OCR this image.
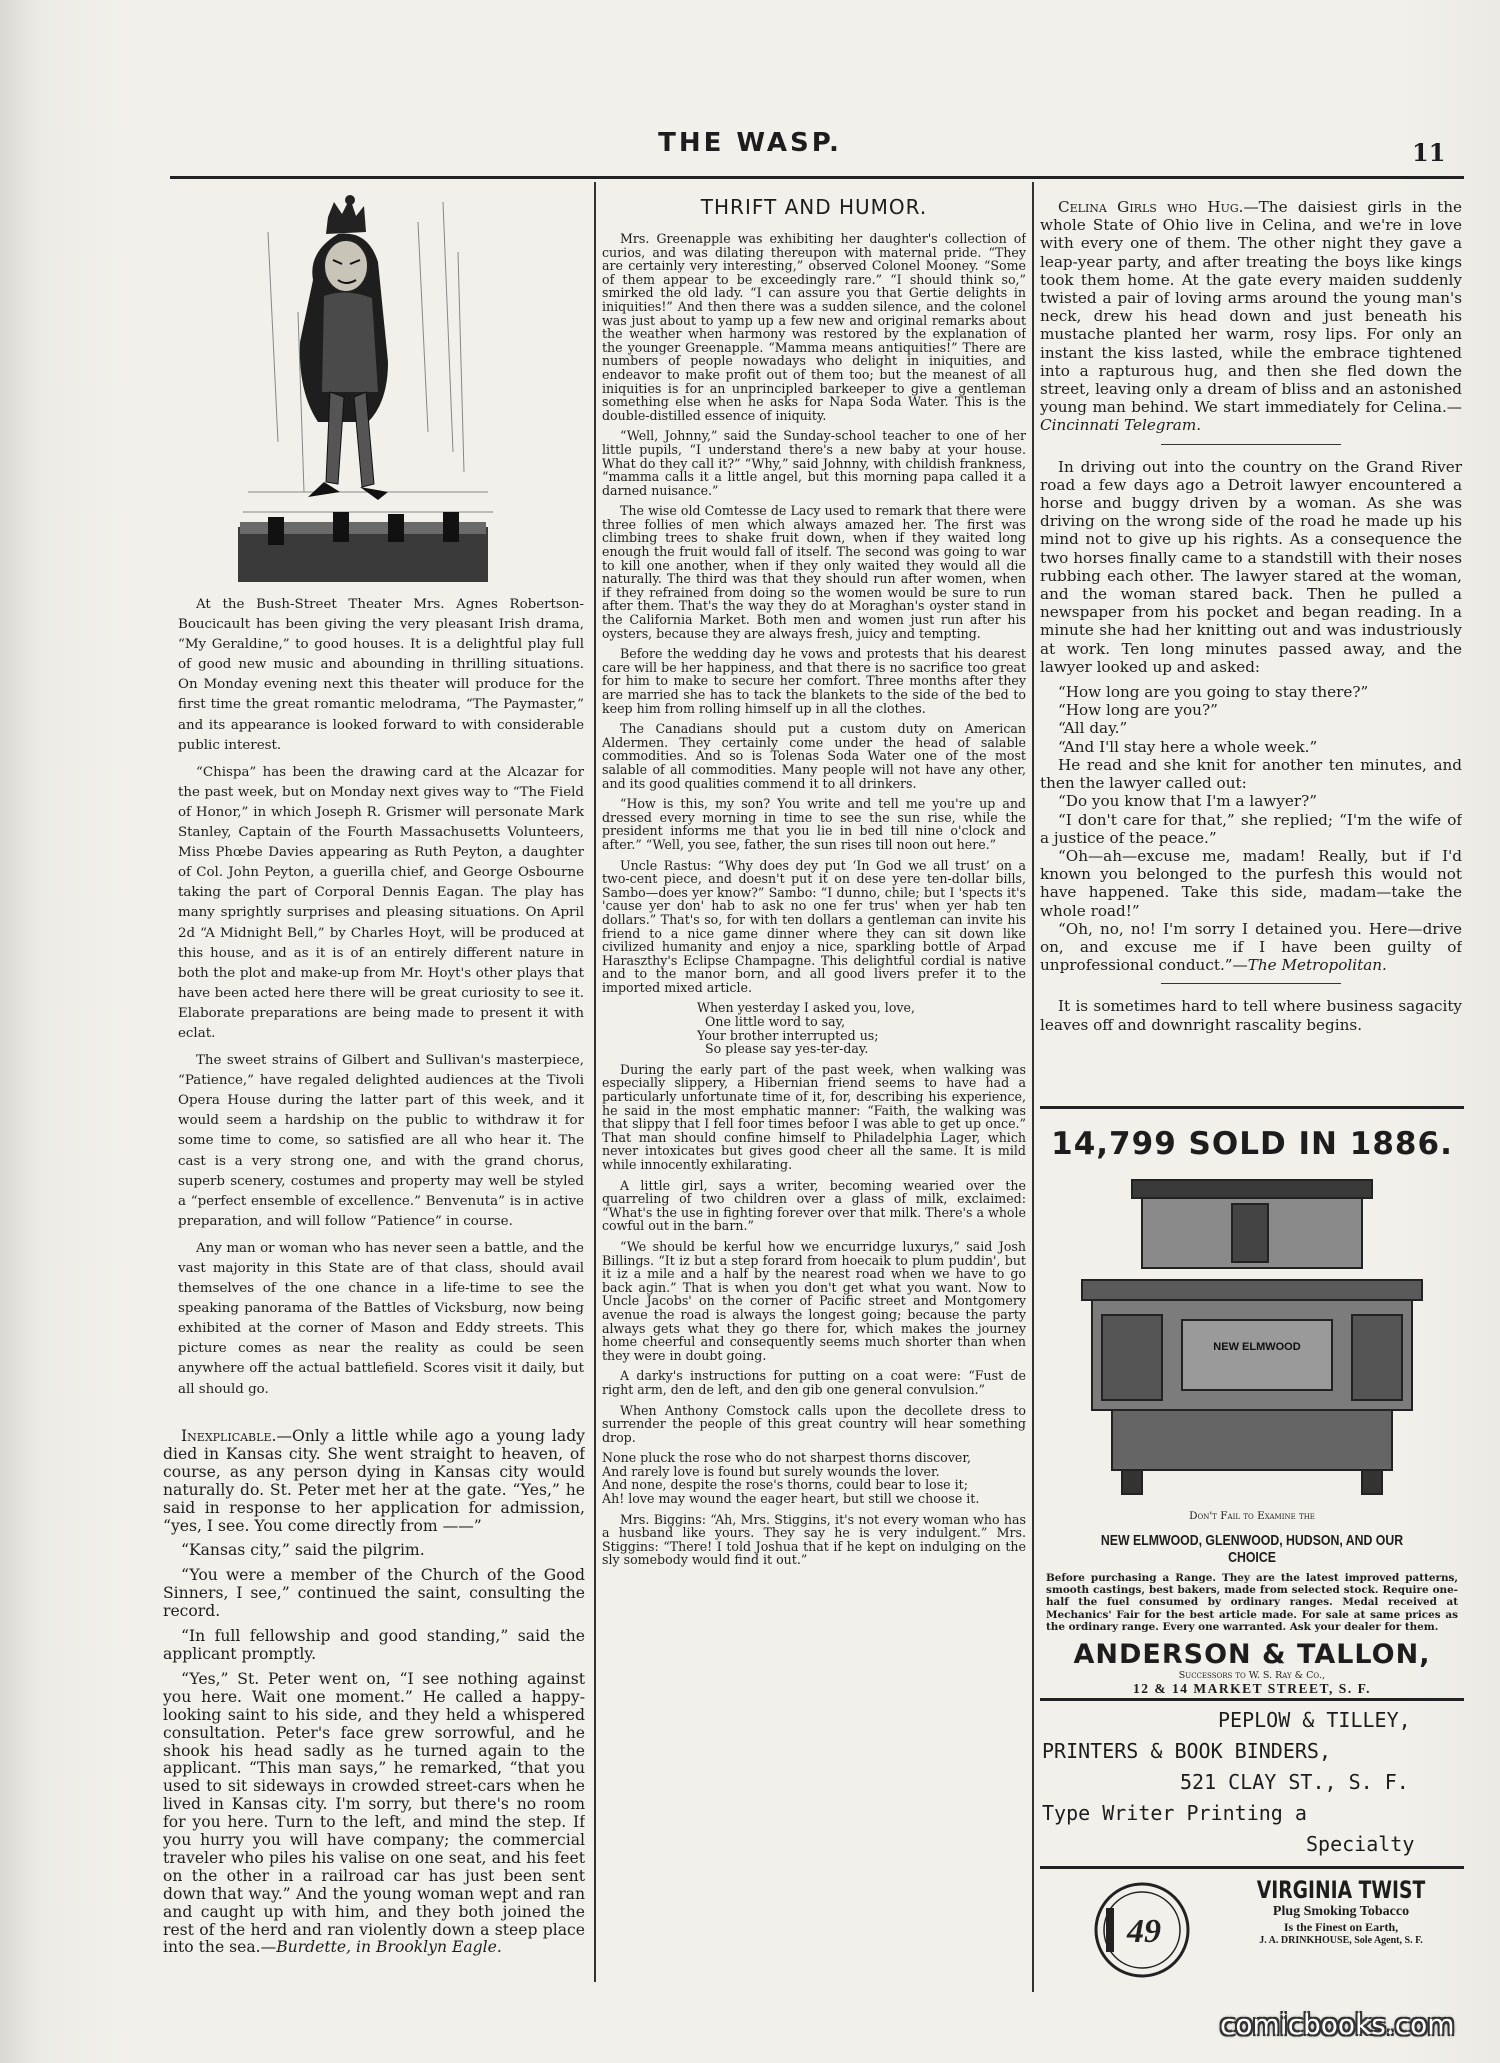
THE WASP.	11

At the Bush-Street Theater Mrs. Agnes Robertson-Boucicault has been giving the very pleasant Irish drama, “My Geraldine,” to good houses. It is a delightful play full of good new music and abounding in thrilling situations. On Monday evening next this theater will produce for the first time the great romantic melodrama, “The Paymaster,” and its appearance is looked forward to with considerable public interest.

“Chispa” has been the drawing card at the Alcazar for the past week, but on Monday next gives way to “The Field of Honor,” in which Joseph R. Grismer will personate Mark Stanley, Captain of the Fourth Massachusetts Volunteers, Miss Phœbe Davies appearing as Ruth Peyton, a daughter of Col. John Peyton, a guerilla chief, and George Osbourne taking the part of Corporal Dennis Eagan. The play has many sprightly surprises and pleasing situations. On April 2d “A Midnight Bell,” by Charles Hoyt, will be produced at this house, and as it is of an entirely different nature in both the plot and make-up from Mr. Hoyt's other plays that have been acted here there will be great curiosity to see it. Elaborate preparations are being made to present it with eclat.

The sweet strains of Gilbert and Sullivan's masterpiece, “Patience,” have regaled delighted audiences at the Tivoli Opera House during the latter part of this week, and it would seem a hardship on the public to withdraw it for some time to come, so satisfied are all who hear it. The cast is a very strong one, and with the grand chorus, superb scenery, costumes and property may well be styled a “perfect ensemble of excellence.” Benvenuta” is in active preparation, and will follow “Patience” in course.

Any man or woman who has never seen a battle, and the vast majority in this State are of that class, should avail themselves of the one chance in a life-time to see the speaking panorama of the Battles of Vicksburg, now being exhibited at the corner of Mason and Eddy streets. This picture comes as near the reality as could be seen anywhere off the actual battlefield. Scores visit it daily, but all should go.

Inexplicable.—Only a little while ago a young lady died in Kansas city. She went straight to heaven, of course, as any person dying in Kansas city would naturally do. St. Peter met her at the gate. “Yes,” he said in response to her application for admission, “yes, I see. You come directly from ——”

“Kansas city,” said the pilgrim.

“You were a member of the Church of the Good Sinners, I see,” continued the saint, consulting the record.

“In full fellowship and good standing,” said the applicant promptly.

“Yes,” St. Peter went on, “I see nothing against you here. Wait one moment.” He called a happy-looking saint to his side, and they held a whispered consultation. Peter's face grew sorrowful, and he shook his head sadly as he turned again to the applicant. “This man says,” he remarked, “that you used to sit sideways in crowded street-cars when he lived in Kansas city. I'm sorry, but there's no room for you here. Turn to the left, and mind the step. If you hurry you will have company; the commercial traveler who piles his valise on one seat, and his feet on the other in a railroad car has just been sent down that way.” And the young woman wept and ran and caught up with him, and they both joined the rest of the herd and ran violently down a steep place into the sea.—Burdette, in Brooklyn Eagle.

THRIFT AND HUMOR.

Mrs. Greenapple was exhibiting her daughter's collection of curios, and was dilating thereupon with maternal pride. “They are certainly very interesting,” observed Colonel Mooney. “Some of them appear to be exceedingly rare.” “I should think so,” smirked the old lady. “I can assure you that Gertie delights in iniquities!” And then there was a sudden silence, and the colonel was just about to yamp up a few new and original remarks about the weather when harmony was restored by the explanation of the younger Greenapple. “Mamma means antiquities!” There are numbers of people nowadays who delight in iniquities, and endeavor to make profit out of them too; but the meanest of all iniquities is for an unprincipled barkeeper to give a gentleman something else when he asks for Napa Soda Water. This is the double-distilled essence of iniquity.

“Well, Johnny,” said the Sunday-school teacher to one of her little pupils, “I understand there's a new baby at your house. What do they call it?” “Why,” said Johnny, with childish frankness, “mamma calls it a little angel, but this morning papa called it a darned nuisance.”

The wise old Comtesse de Lacy used to remark that there were three follies of men which always amazed her. The first was climbing trees to shake fruit down, when if they waited long enough the fruit would fall of itself. The second was going to war to kill one another, when if they only waited they would all die naturally. The third was that they should run after women, when if they refrained from doing so the women would be sure to run after them. That's the way they do at Moraghan's oyster stand in the California Market. Both men and women just run after his oysters, because they are always fresh, juicy and tempting.

Before the wedding day he vows and protests that his dearest care will be her happiness, and that there is no sacrifice too great for him to make to secure her comfort. Three months after they are married she has to tack the blankets to the side of the bed to keep him from rolling himself up in all the clothes.

The Canadians should put a custom duty on American Aldermen. They certainly come under the head of salable commodities. And so is Tolenas Soda Water one of the most salable of all commodities. Many people will not have any other, and its good qualities commend it to all drinkers.

“How is this, my son? You write and tell me you're up and dressed every morning in time to see the sun rise, while the president informs me that you lie in bed till nine o'clock and after.” “Well, you see, father, the sun rises till noon out here.”

Uncle Rastus: “Why does dey put ‘In God we all trust’ on a two-cent piece, and doesn't put it on dese yere ten-dollar bills, Sambo—does yer know?” Sambo: “I dunno, chile; but I 'spects it's 'cause yer don' hab to ask no one fer trus' when yer hab ten dollars.” That's so, for with ten dollars a gentleman can invite his friend to a nice game dinner where they can sit down like civilized humanity and enjoy a nice, sparkling bottle of Arpad Haraszthy's Eclipse Champagne. This delightful cordial is native and to the manor born, and all good livers prefer it to the imported mixed article.

When yesterday I asked you, love,
One little word to say,
Your brother interrupted us;
So please say yes-ter-day.

During the early part of the past week, when walking was especially slippery, a Hibernian friend seems to have had a particularly unfortunate time of it, for, describing his experience, he said in the most emphatic manner: “Faith, the walking was that slippy that I fell foor times befoor I was able to get up once.” That man should confine himself to Philadelphia Lager, which never intoxicates but gives good cheer all the same. It is mild while innocently exhilarating.

A little girl, says a writer, becoming wearied over the quarreling of two children over a glass of milk, exclaimed: “What's the use in fighting forever over that milk. There's a whole cowful out in the barn.”

“We should be kerful how we encurridge luxurys,” said Josh Billings. “It iz but a step forard from hoecaik to plum puddin', but it iz a mile and a half by the nearest road when we have to go back agin.” That is when you don't get what you want. Now to Uncle Jacobs' on the corner of Pacific street and Montgomery avenue the road is always the longest going; because the party always gets what they go there for, which makes the journey home cheerful and consequently seems much shorter than when they were in doubt going.

A darky's instructions for putting on a coat were: “Fust de right arm, den de left, and den gib one general convulsion.”

When Anthony Comstock calls upon the decollete dress to surrender the people of this great country will hear something drop.

None pluck the rose who do not sharpest thorns discover,
And rarely love is found but surely wounds the lover.
And none, despite the rose's thorns, could bear to lose it;
Ah! love may wound the eager heart, but still we choose it.

Mrs. Biggins: “Ah, Mrs. Stiggins, it's not every woman who has a husband like yours. They say he is very indulgent.” Mrs. Stiggins: “There! I told Joshua that if he kept on indulging on the sly somebody would find it out.”

Celina Girls who Hug.—The daisiest girls in the whole State of Ohio live in Celina, and we're in love with every one of them. The other night they gave a leap-year party, and after treating the boys like kings took them home. At the gate every maiden suddenly twisted a pair of loving arms around the young man's neck, drew his head down and just beneath his mustache planted her warm, rosy lips. For only an instant the kiss lasted, while the embrace tightened into a rapturous hug, and then she fled down the street, leaving only a dream of bliss and an astonished young man behind. We start immediately for Celina.—Cincinnati Telegram.

In driving out into the country on the Grand River road a few days ago a Detroit lawyer encountered a horse and buggy driven by a woman. As she was driving on the wrong side of the road he made up his mind not to give up his rights. As a consequence the two horses finally came to a standstill with their noses rubbing each other. The lawyer stared at the woman, and the woman stared back. Then he pulled a newspaper from his pocket and began reading. In a minute she had her knitting out and was industriously at work. Ten long minutes passed away, and the lawyer looked up and asked:

“How long are you going to stay there?”

“How long are you?”

“All day.”

“And I'll stay here a whole week.”

He read and she knit for another ten minutes, and then the lawyer called out:

“Do you know that I'm a lawyer?”

“I don't care for that,” she replied; “I'm the wife of a justice of the peace.”

“Oh—ah—excuse me, madam! Really, but if I'd known you belonged to the purfesh this would not have happened. Take this side, madam—take the whole road!”

“Oh, no, no! I'm sorry I detained you. Here—drive on, and excuse me if I have been guilty of unprofessional conduct.”—The Metropolitan.

It is sometimes hard to tell where business sagacity leaves off and downright rascality begins.

14,799 SOLD IN 1886.
NEW ELMWOOD
Don't Fail to Examine the
NEW ELMWOOD, GLENWOOD, HUDSON, AND OUR CHOICE
Before purchasing a Range. They are the latest improved patterns, smooth castings, best bakers, made from selected stock. Require one-half the fuel consumed by ordinary ranges. Medal received at Mechanics' Fair for the best article made. For sale at same prices as the ordinary range. Every one warranted. Ask your dealer for them.
ANDERSON & TALLON,
Successors to W. S. Ray & Co.,
12 & 14 MARKET STREET, S. F.
PEPLOW & TILLEY,
PRINTERS & BOOK BINDERS,
521 CLAY ST., S. F.
Type Writer Printing a
Specialty
49
VIRGINIA TWIST
Plug Smoking Tobacco
Is the Finest on Earth,
J. A. DRINKHOUSE, Sole Agent, S. F.
comicbooks.com
